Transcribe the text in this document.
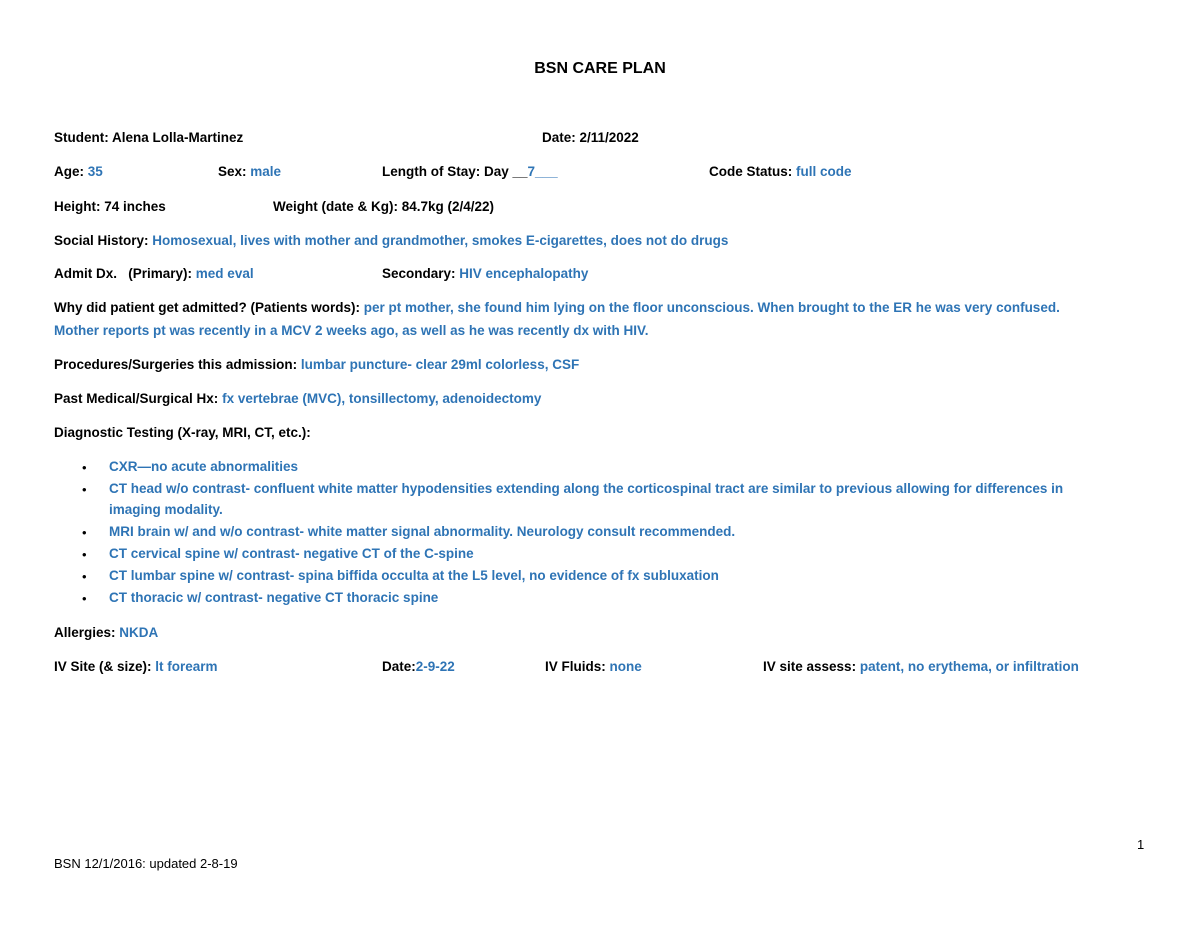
BSN CARE PLAN
Student: Alena Lolla-Martinez	Date: 2/11/2022
Age: 35	Sex: male	Length of Stay: Day __7___	Code Status: full code
Height: 74 inches	Weight (date & Kg): 84.7kg (2/4/22)
Social History: Homosexual, lives with mother and grandmother, smokes E-cigarettes, does not do drugs
Admit Dx.   (Primary): med eval	Secondary: HIV encephalopathy
Why did patient get admitted? (Patients words): per pt mother, she found him lying on the floor unconscious. When brought to the ER he was very confused.
Mother reports pt was recently in a MCV 2 weeks ago, as well as he was recently dx with HIV.
Procedures/Surgeries this admission: lumbar puncture- clear 29ml colorless, CSF
Past Medical/Surgical Hx: fx vertebrae (MVC), tonsillectomy, adenoidectomy
Diagnostic Testing (X-ray, MRI, CT, etc.):
• CXR—no acute abnormalities
• CT head w/o contrast- confluent white matter hypodensities extending along the corticospinal tract are similar to previous allowing for differences in
imaging modality.
• MRI brain w/ and w/o contrast- white matter signal abnormality. Neurology consult recommended.
• CT cervical spine w/ contrast- negative CT of the C-spine
• CT lumbar spine w/ contrast- spina biffida occulta at the L5 level, no evidence of fx subluxation
• CT thoracic w/ contrast- negative CT thoracic spine
Allergies: NKDA
IV Site (& size): lt forearm	Date:2-9-22	IV Fluids: none	IV site assess: patent, no erythema, or infiltration
1
BSN 12/1/2016: updated 2-8-19
